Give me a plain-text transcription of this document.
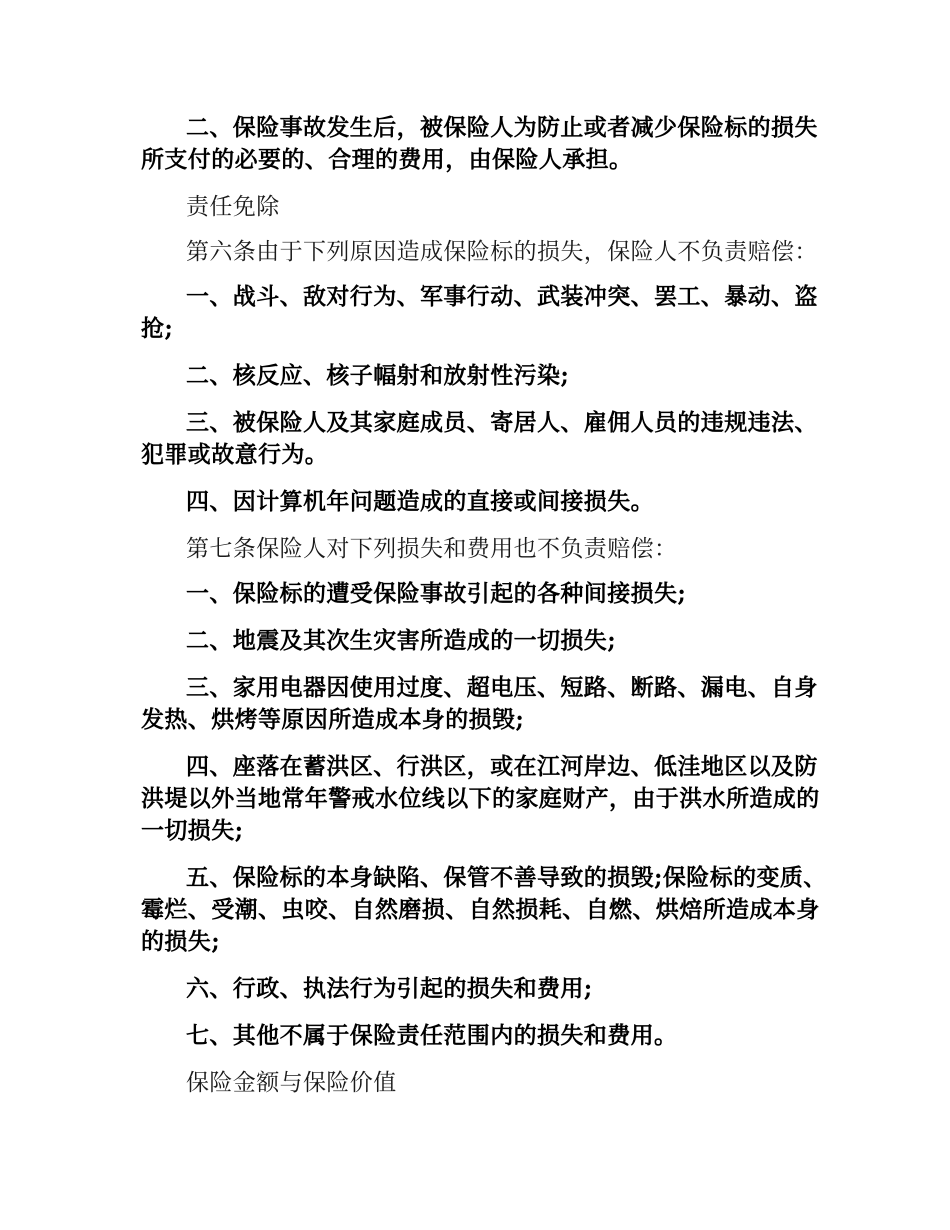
二、保险事故发生后，被保险人为防止或者减少保险标的损失所支付的必要的、合理的费用，由保险人承担。

责任免除

第六条由于下列原因造成保险标的损失，保险人不负责赔偿：

一、战斗、敌对行为、军事行动、武装冲突、罢工、暴动、盗抢;

二、核反应、核子幅射和放射性污染;

三、被保险人及其家庭成员、寄居人、雇佣人员的违规违法、犯罪或故意行为。

四、因计算机年问题造成的直接或间接损失。

第七条保险人对下列损失和费用也不负责赔偿：

一、保险标的遭受保险事故引起的各种间接损失;

二、地震及其次生灾害所造成的一切损失;

三、家用电器因使用过度、超电压、短路、断路、漏电、自身发热、烘烤等原因所造成本身的损毁;

四、座落在蓄洪区、行洪区，或在江河岸边、低洼地区以及防洪堤以外当地常年警戒水位线以下的家庭财产，由于洪水所造成的一切损失;

五、保险标的本身缺陷、保管不善导致的损毁;保险标的变质、霉烂、受潮、虫咬、自然磨损、自然损耗、自燃、烘焙所造成本身的损失;

六、行政、执法行为引起的损失和费用;

七、其他不属于保险责任范围内的损失和费用。

保险金额与保险价值
